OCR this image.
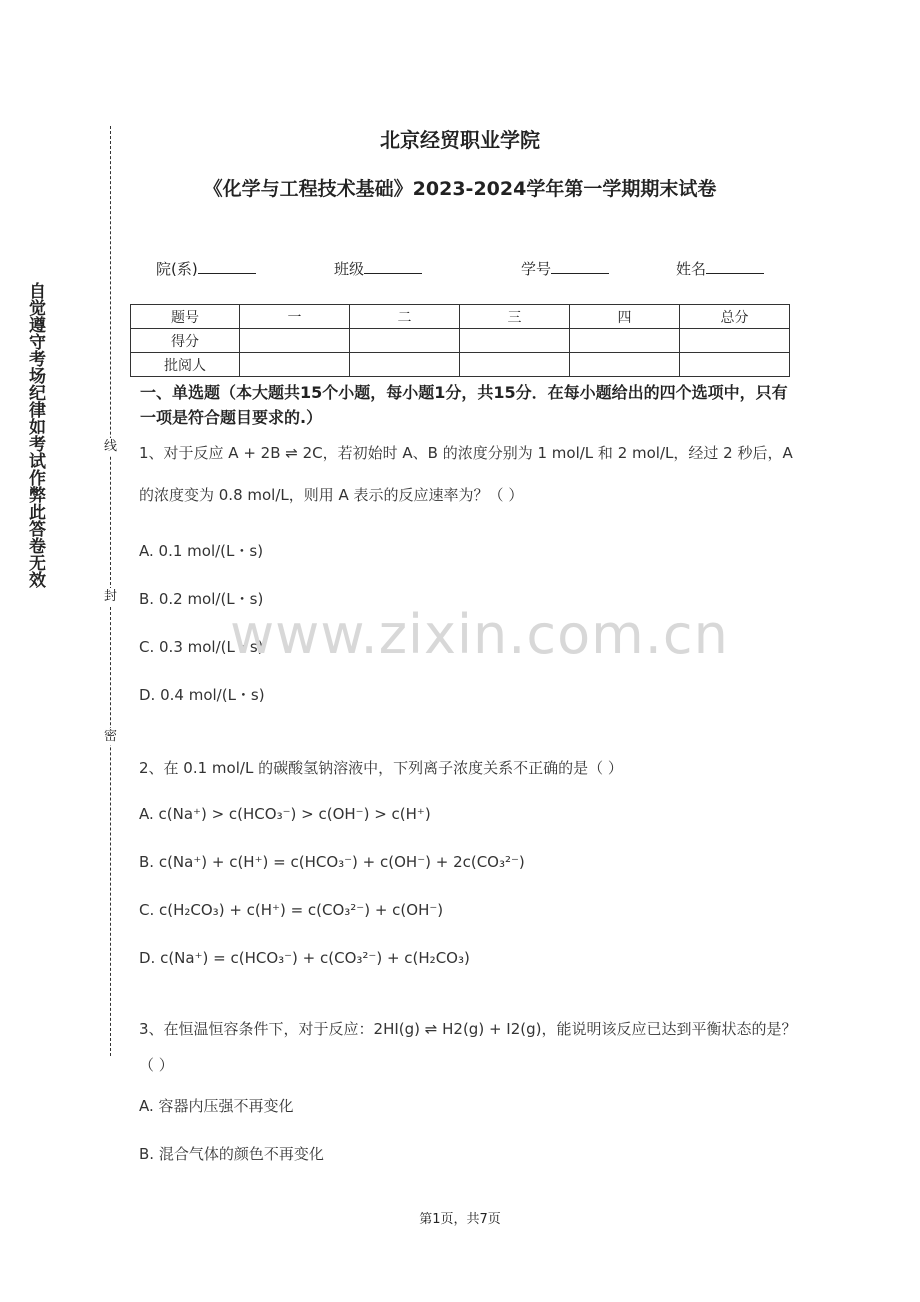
线
封
密
自觉遵守考场纪律如考试作弊此答卷无效
北京经贸职业学院
《化学与工程技术基础》2023-2024学年第一学期期末试卷
院(系)	班级	学号	姓名
题号	一	二	三	四	总分
得分					
批阅人					
一、单选题（本大题共15个小题，每小题1分，共15分．在每小题给出的四个选项中，只有一项是符合题目要求的.）
1、对于反应 A + 2B ⇌ 2C，若初始时 A、B 的浓度分别为 1 mol/L 和 2 mol/L，经过 2 秒后，A 的浓度变为 0.8 mol/L，则用 A 表示的反应速率为？（ ）
A. 0.1 mol/(L・s)
B. 0.2 mol/(L・s)
C. 0.3 mol/(L・s)
D. 0.4 mol/(L・s)
2、在 0.1 mol/L 的碳酸氢钠溶液中，下列离子浓度关系不正确的是（ ）
A. c(Na⁺) > c(HCO₃⁻) > c(OH⁻) > c(H⁺)
B. c(Na⁺) + c(H⁺) = c(HCO₃⁻) + c(OH⁻) + 2c(CO₃²⁻)
C. c(H₂CO₃) + c(H⁺) = c(CO₃²⁻) + c(OH⁻)
D. c(Na⁺) = c(HCO₃⁻) + c(CO₃²⁻) + c(H₂CO₃)
3、在恒温恒容条件下，对于反应：2HI(g) ⇌ H2(g) + I2(g)，能说明该反应已达到平衡状态的是？（ ）
A. 容器内压强不再变化
B. 混合气体的颜色不再变化
www.zixin.com.cn
第1页，共7页
